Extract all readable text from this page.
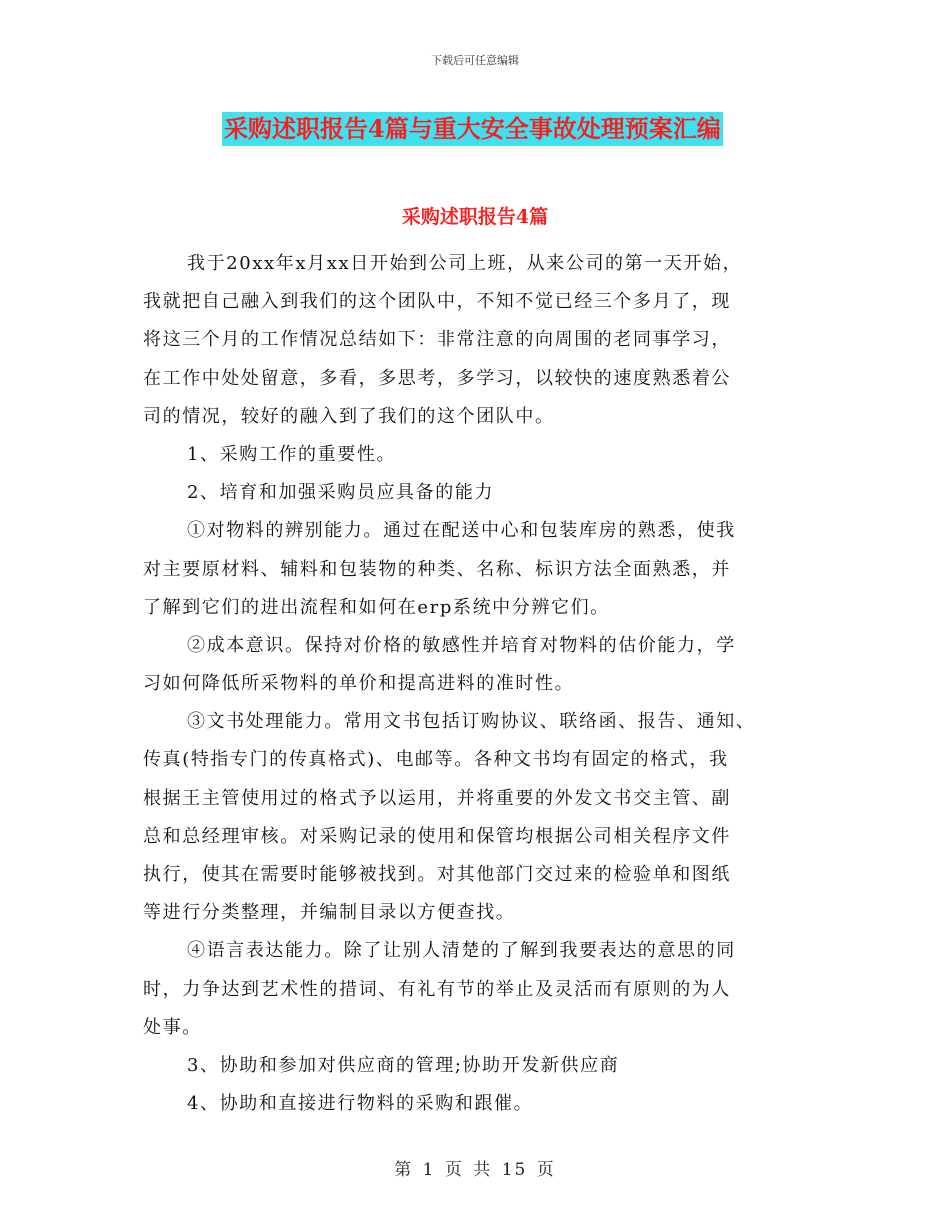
下载后可任意编辑
采购述职报告4篇与重大安全事故处理预案汇编
采购述职报告4篇
我于20xx年x月xx日开始到公司上班，从来公司的第一天开始，
我就把自己融入到我们的这个团队中，不知不觉已经三个多月了，现
将这三个月的工作情况总结如下：非常注意的向周围的老同事学习，
在工作中处处留意，多看，多思考，多学习，以较快的速度熟悉着公
司的情况，较好的融入到了我们的这个团队中。
1、采购工作的重要性。
2、培育和加强采购员应具备的能力
①对物料的辨别能力。通过在配送中心和包装库房的熟悉，使我
对主要原材料、辅料和包装物的种类、名称、标识方法全面熟悉，并
了解到它们的进出流程和如何在erp系统中分辨它们。
②成本意识。保持对价格的敏感性并培育对物料的估价能力，学
习如何降低所采物料的单价和提高进料的准时性。
③文书处理能力。常用文书包括订购协议、联络函、报告、通知、
传真(特指专门的传真格式)、电邮等。各种文书均有固定的格式，我
根据王主管使用过的格式予以运用，并将重要的外发文书交主管、副
总和总经理审核。对采购记录的使用和保管均根据公司相关程序文件
执行，使其在需要时能够被找到。对其他部门交过来的检验单和图纸
等进行分类整理，并编制目录以方便查找。
④语言表达能力。除了让别人清楚的了解到我要表达的意思的同
时，力争达到艺术性的措词、有礼有节的举止及灵活而有原则的为人
处事。
3、协助和参加对供应商的管理;协助开发新供应商
4、协助和直接进行物料的采购和跟催。
第 1 页 共 15 页
